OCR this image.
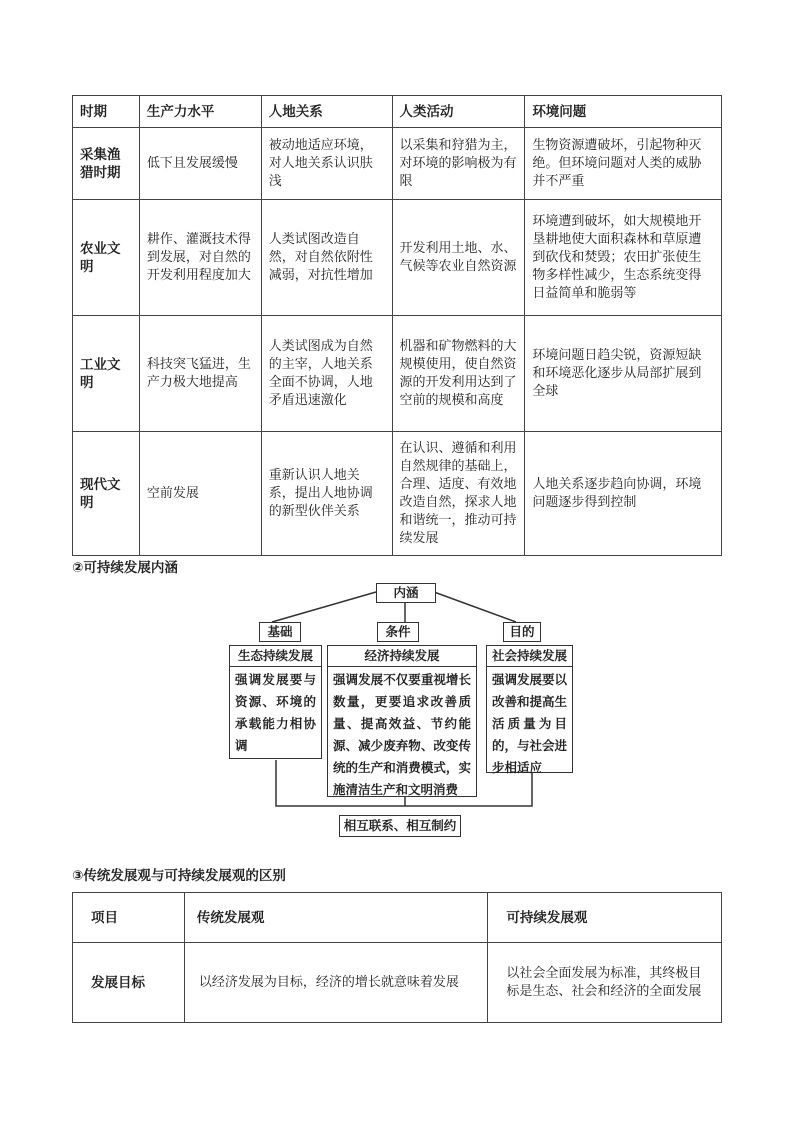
时期	生产力水平	人地关系	人类活动	环境问题
采集渔猎时期	低下且发展缓慢	被动地适应环境，对人地关系认识肤浅	以采集和狩猎为主，对环境的影响极为有限	生物资源遭破坏，引起物种灭绝。但环境问题对人类的威胁并不严重
农业文明	耕作、灌溉技术得到发展，对自然的开发利用程度加大	人类试图改造自然，对自然依附性减弱，对抗性增加	开发利用土地、水、气候等农业自然资源	环境遭到破坏，如大规模地开垦耕地使大面积森林和草原遭到砍伐和焚毁；农田扩张使生物多样性减少，生态系统变得日益简单和脆弱等
工业文明	科技突飞猛进，生产力极大地提高	人类试图成为自然的主宰，人地关系全面不协调，人地矛盾迅速激化	机器和矿物燃料的大规模使用，使自然资源的开发利用达到了空前的规模和高度	环境问题日趋尖锐，资源短缺和环境恶化逐步从局部扩展到全球
现代文明	空前发展	重新认识人地关系，提出人地协调的新型伙伴关系	在认识、遵循和利用自然规律的基础上，合理、适度、有效地改造自然，探求人地和谐统一，推动可持续发展	人地关系逐步趋向协调，环境问题逐步得到控制
②可持续发展内涵
内涵
基础	条件	目的
生态持续发展
强调发展要与资源、环境的承载能力相协调
经济持续发展
强调发展不仅要重视增长数量，更要追求改善质量、提高效益、节约能源、减少废弃物、改变传统的生产和消费模式，实施清洁生产和文明消费
社会持续发展
强调发展要以改善和提高生活质量为目的，与社会进步相适应
相互联系、相互制约
③传统发展观与可持续发展观的区别
项目	传统发展观	可持续发展观
发展目标	以经济发展为目标，经济的增长就意味着发展	以社会全面发展为标准，其终极目标是生态、社会和经济的全面发展
